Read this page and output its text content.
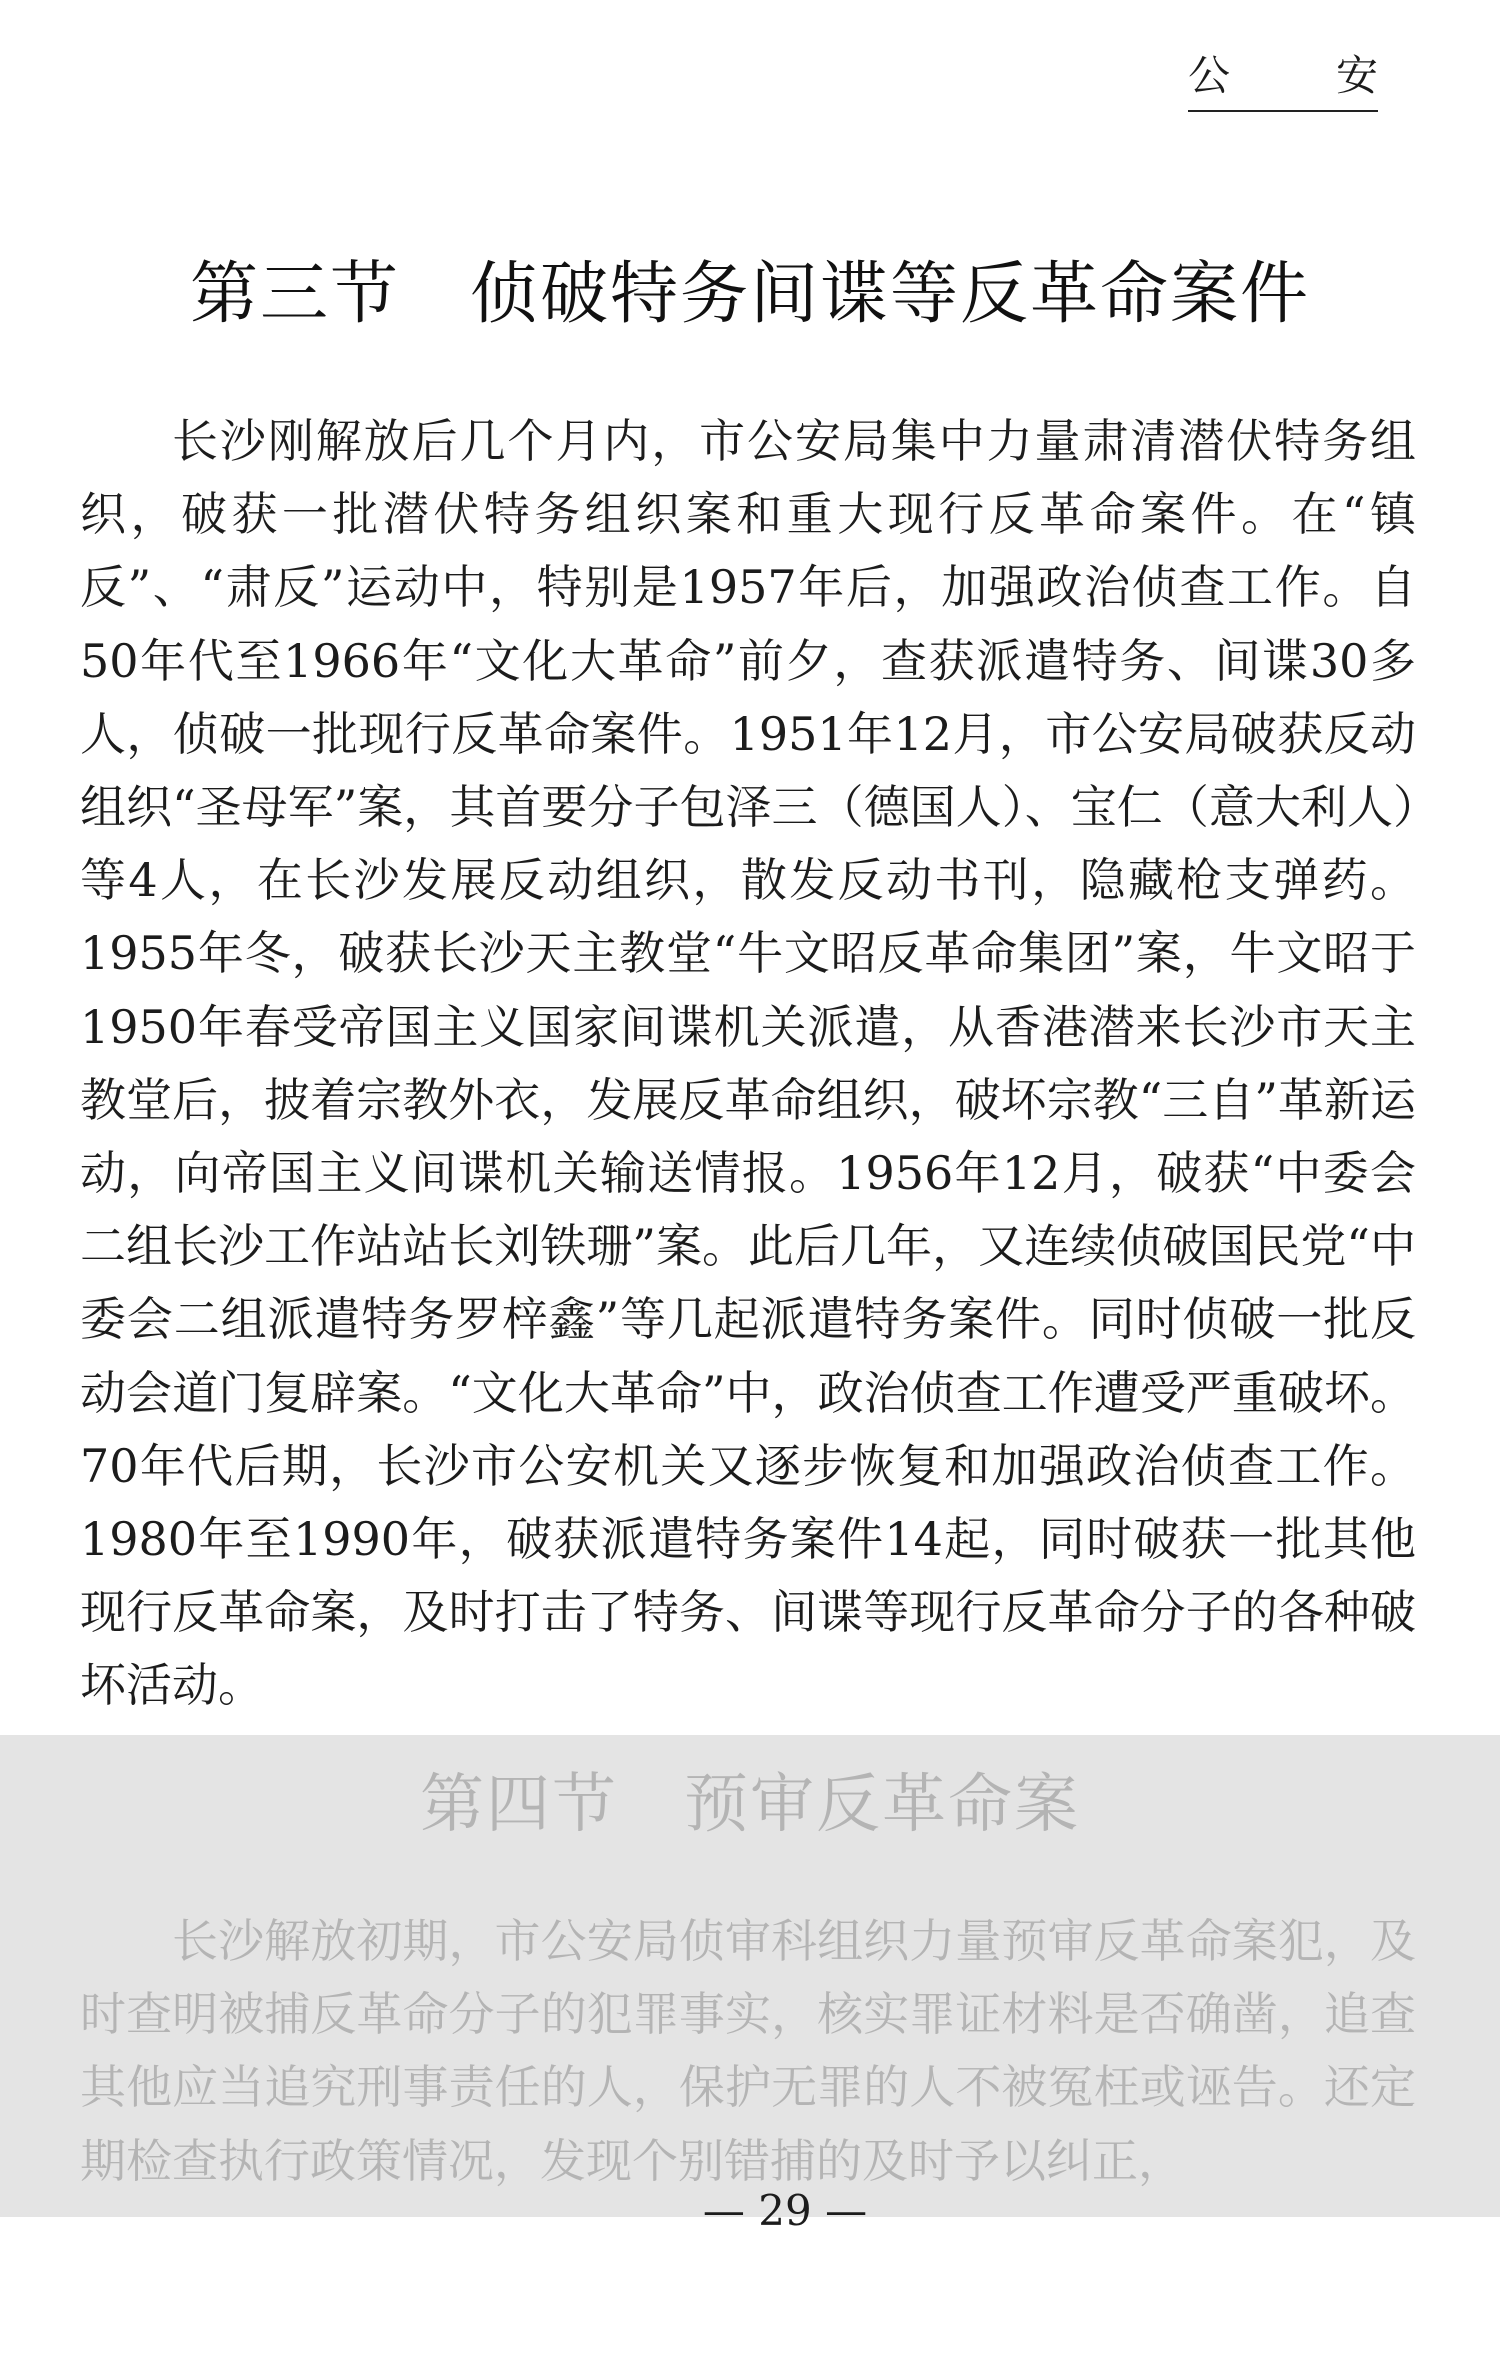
公	安
第三节　侦破特务间谍等反革命案件

长沙刚解放后几个月内，市公安局集中力量肃清潜伏特务组织，破获一批潜伏特务组织案和重大现行反革命案件。在“镇反”、“肃反”运动中，特别是1957年后，加强政治侦查工作。自50年代至1966年“文化大革命”前夕，查获派遣特务、间谍30多人，侦破一批现行反革命案件。1951年12月，市公安局破获反动组织“圣母军”案，其首要分子包泽三（德国人）、宝仁（意大利人）等4人，在长沙发展反动组织，散发反动书刊，隐藏枪支弹药。1955年冬，破获长沙天主教堂“牛文昭反革命集团”案，牛文昭于1950年春受帝国主义国家间谍机关派遣，从香港潜来长沙市天主教堂后，披着宗教外衣，发展反革命组织，破坏宗教“三自”革新运动，向帝国主义间谍机关输送情报。1956年12月，破获“中委会二组长沙工作站站长刘铁珊”案。此后几年，又连续侦破国民党“中委会二组派遣特务罗梓鑫”等几起派遣特务案件。同时侦破一批反动会道门复辟案。“文化大革命”中，政治侦查工作遭受严重破坏。70年代后期，长沙市公安机关又逐步恢复和加强政治侦查工作。1980年至1990年，破获派遣特务案件14起，同时破获一批其他现行反革命案，及时打击了特务、间谍等现行反革命分子的各种破坏活动。

第四节　预审反革命案

长沙解放初期，市公安局侦审科组织力量预审反革命案犯，及时查明被捕反革命分子的犯罪事实，核实罪证材料是否确凿，追查其他应当追究刑事责任的人，保护无罪的人不被冤枉或诬告。还定期检查执行政策情况，发现个别错捕的及时予以纠正，

— 29 —
